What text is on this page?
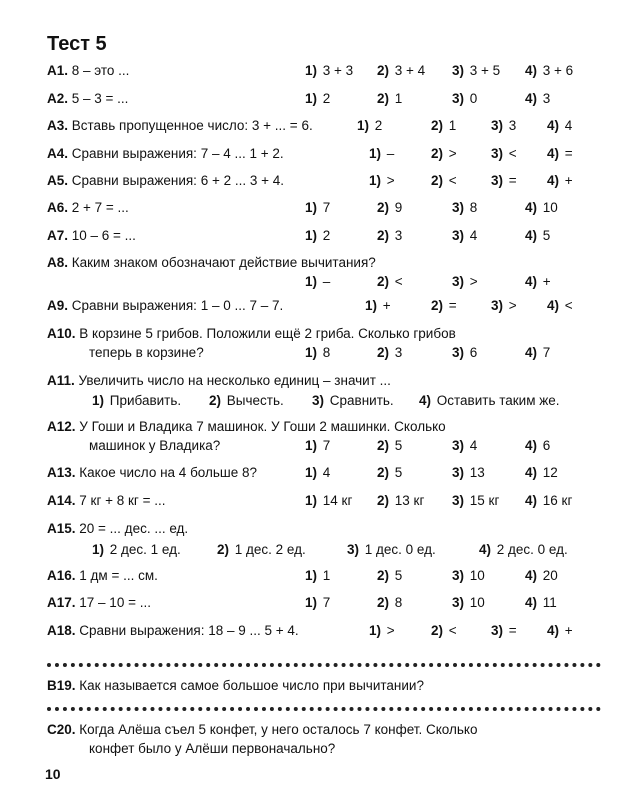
Тест 5
A1. 8 – это ...	1) 3 + 3 2) 3 + 4 3) 3 + 5 4) 3 + 6
A2. 5 – 3 = ...	1) 2	2) 1	3) 0	4) 3
A3. Вставь пропущенное число: 3 + ... = 6.	1) 2	2) 1	3) 3 4) 4
A4. Сравни выражения: 7 – 4 ... 1 + 2.	1) –	2) >	3) < 4) =
A5. Сравни выражения: 6 + 2 ... 3 + 4.	1) >	2) <	3) = 4) +
A6. 2 + 7 = ...	1) 7	2) 9	3) 8	4) 10
A7. 10 – 6 = ...	1) 2	2) 3	3) 4	4) 5
A8. Каким знаком обозначают действие вычитания?
1) –	2) <	3) >	4) +
A9. Сравни выражения: 1 – 0 ... 7 – 7.	1) +	2) =	3) > 4) <
A10. В корзине 5 грибов. Положили ещё 2 гриба. Сколько грибов
теперь в корзине?	1) 8	2) 3	3) 6	4) 7
A11. Увеличить число на несколько единиц – значит ...
1) Прибавить. 2) Вычесть. 3) Сравнить. 4) Оставить таким же.
A12. У Гоши и Владика 7 машинок. У Гоши 2 машинки. Сколько
машинок у Владика?	1) 7	2) 5	3) 4	4) 6
A13. Какое число на 4 больше 8?	1) 4	2) 5	3) 13	4) 12
A14. 7 кг + 8 кг = ...	1) 14 кг 2) 13 кг 3) 15 кг 4) 16 кг
A15. 20 = ... дес. ... ед.
1) 2 дес. 1 ед.	2) 1 дес. 2 ед.	3) 1 дес. 0 ед.	4) 2 дес. 0 ед.
A16. 1 дм = ... см.	1) 1	2) 5	3) 10	4) 20
A17. 17 – 10 = ...	1) 7	2) 8	3) 10	4) 11
A18. Сравни выражения: 18 – 9 ... 5 + 4.	1) >	2) <	3) = 4) +
B19. Как называется самое большое число при вычитании?
C20. Когда Алёша съел 5 конфет, у него осталось 7 конфет. Сколько
конфет было у Алёши первоначально?
10
